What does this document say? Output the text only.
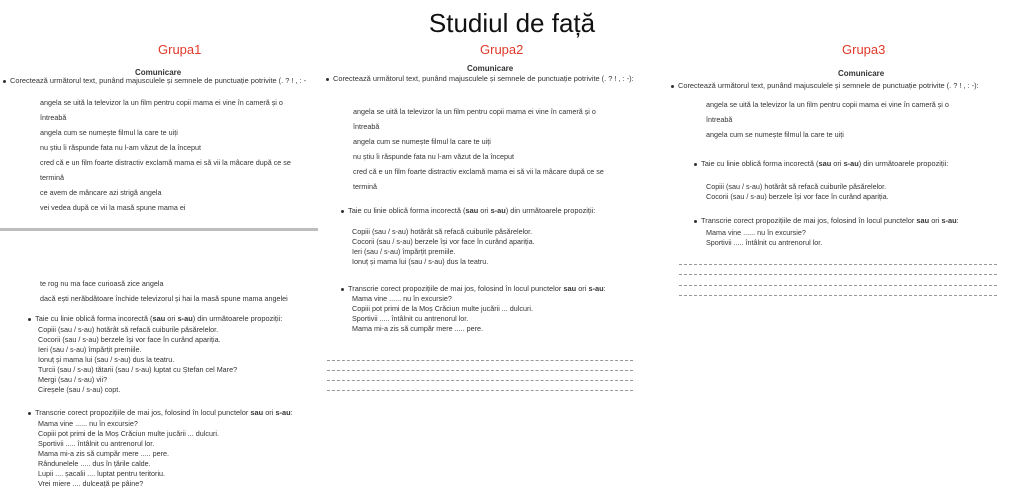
Studiul de față
Grupa1
Comunicare
Corectează următorul text, punând majusculele și semnele de punctuație potrivite (. ? ! , : -
angela se uită la televizor la un film pentru copii mama ei vine în cameră și o
întreabă
angela cum se numește filmul la care te uiți
nu știu îi răspunde fata nu l-am văzut de la început
cred că e un film foarte distractiv exclamă mama ei să vii la mâcare după ce se
termină
ce avem de mâncare azi strigă angela
vei vedea după ce vii la masă spune mama ei
te rog nu ma face curioasă zice angela
dacă ești nerăbdătoare închide televizorul și hai la masă spune mama angelei
Taie cu linie oblică forma incorectă (sau ori s-au) din următoarele propoziții:
Copiii (sau / s-au) hotărât să refacă cuiburile păsărelelor.
Cocorii (sau / s-au) berzele își vor face în curând apariția.
Ieri (sau / s-au) împărțit premiile.
Ionuț și mama lui (sau / s-au) dus la teatru.
Turcii (sau / s-au) tătarii (sau / s-au) luptat cu Ștefan cel Mare?
Mergi (sau / s-au) vii?
Cireșele (sau / s-au) copt.
Transcrie corect propozițiile de mai jos, folosind în locul punctelor sau ori s-au:
Mama vine ...... nu în excursie?
Copiii pot primi de la Moș Crăciun multe jucării ... dulcuri.
Sportivii ..... întâlnit cu antrenorul lor.
Mama mi-a zis să cumpăr mere ..... pere.
Rândunelele ..... dus în țările calde.
Lupii .... șacalii .... luptat pentru teritoriu.
Vrei miere .... dulceață pe pâine?
Grupa2
Comunicare
Corectează următorul text, punând majusculele și semnele de punctuație potrivite (. ? ! , : -):
angela se uită la televizor la un film pentru copii mama ei vine în cameră și o
întreabă
angela cum se numește filmul la care te uiți
nu știu îi răspunde fata nu l-am văzut de la început
cred că e un film foarte distractiv exclamă mama ei să vii la mâcare după ce se
termină
Taie cu linie oblică forma incorectă (sau ori s-au) din următoarele propoziții:
Copiii (sau / s-au) hotărât să refacă cuiburile păsărelelor.
Cocorii (sau / s-au) berzele își vor face în curând apariția.
Ieri (sau / s-au) împărțit premiile.
Ionuț și mama lui (sau / s-au) dus la teatru.
Transcrie corect propozițiile de mai jos, folosind în locul punctelor sau ori s-au:
Mama vine ...... nu în excursie?
Copiii pot primi de la Moș Crăciun multe jucării ... dulcuri.
Sportivii ..... întâlnit cu antrenorul lor.
Mama mi-a zis să cumpăr mere ..... pere.
Grupa3
Comunicare
Corectează următorul text, punând majusculele și semnele de punctuație potrivite (. ? ! , : -):
angela se uită la televizor la un film pentru copii mama ei vine în cameră și o
întreabă
angela cum se numește filmul la care te uiți
Taie cu linie oblică forma incorectă (sau ori s-au) din următoarele propoziții:
Copiii (sau / s-au) hotărât să refacă cuiburile păsărelelor.
Cocorii (sau / s-au) berzele își vor face în curând apariția.
Transcrie corect propozițiile de mai jos, folosind în locul punctelor sau ori s-au:
Mama vine ...... nu în excursie?
Sportivii ..... întâlnit cu antrenorul lor.
